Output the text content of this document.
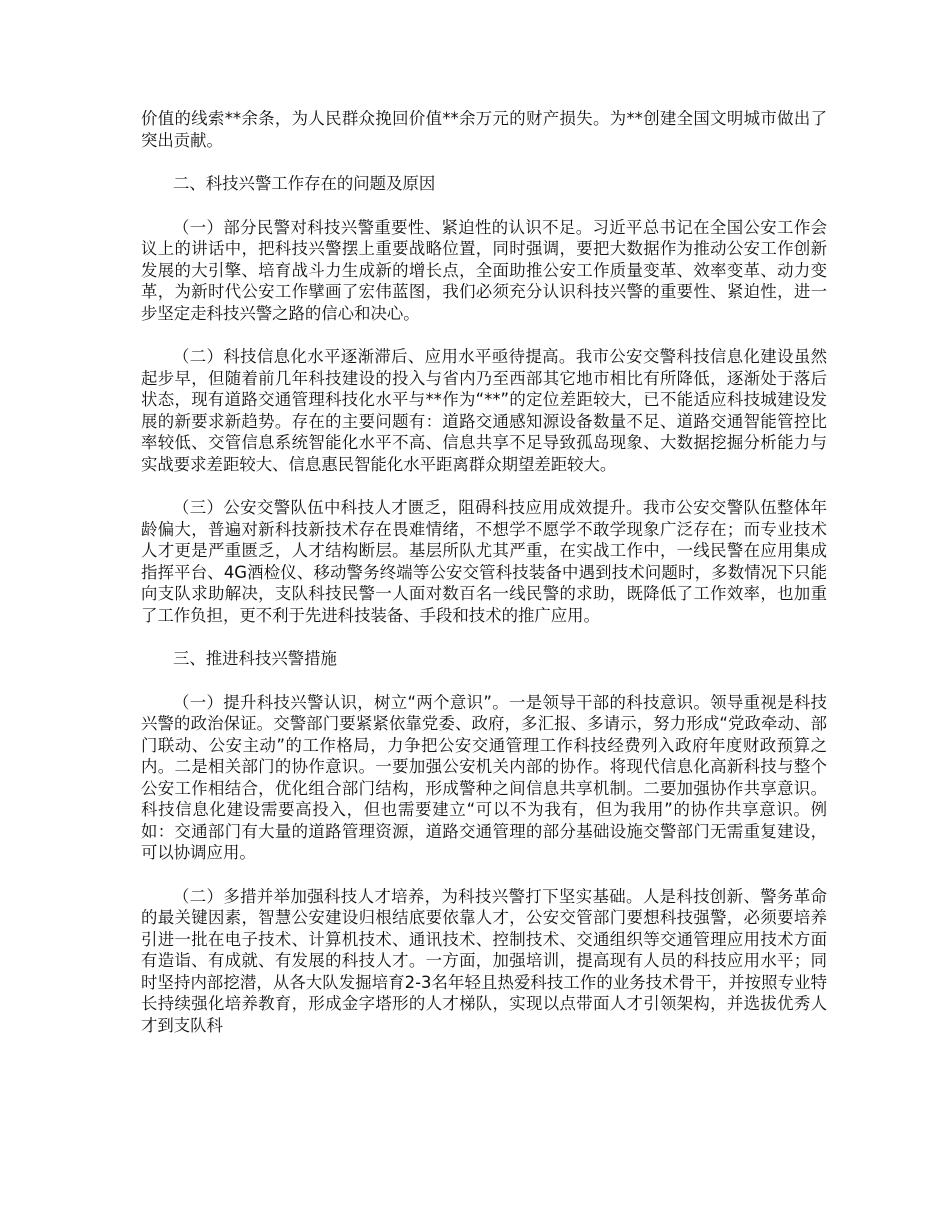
价值的线索**余条，为人民群众挽回价值**余万元的财产损失。为**创建全国文明城市做出了突出贡献。

二、科技兴警工作存在的问题及原因

（一）部分民警对科技兴警重要性、紧迫性的认识不足。习近平总书记在全国公安工作会议上的讲话中，把科技兴警摆上重要战略位置，同时强调，要把大数据作为推动公安工作创新发展的大引擎、培育战斗力生成新的增长点，全面助推公安工作质量变革、效率变革、动力变革，为新时代公安工作擘画了宏伟蓝图，我们必须充分认识科技兴警的重要性、紧迫性，进一步坚定走科技兴警之路的信心和决心。

（二）科技信息化水平逐渐滞后、应用水平亟待提高。我市公安交警科技信息化建设虽然起步早，但随着前几年科技建设的投入与省内乃至西部其它地市相比有所降低，逐渐处于落后状态，现有道路交通管理科技化水平与**作为“**”的定位差距较大，已不能适应科技城建设发展的新要求新趋势。存在的主要问题有：道路交通感知源设备数量不足、道路交通智能管控比率较低、交管信息系统智能化水平不高、信息共享不足导致孤岛现象、大数据挖掘分析能力与实战要求差距较大、信息惠民智能化水平距离群众期望差距较大。

（三）公安交警队伍中科技人才匮乏，阻碍科技应用成效提升。我市公安交警队伍整体年龄偏大，普遍对新科技新技术存在畏难情绪，不想学不愿学不敢学现象广泛存在；而专业技术人才更是严重匮乏，人才结构断层。基层所队尤其严重，在实战工作中，一线民警在应用集成指挥平台、4G酒检仪、移动警务终端等公安交管科技装备中遇到技术问题时，多数情况下只能向支队求助解决，支队科技民警一人面对数百名一线民警的求助，既降低了工作效率，也加重了工作负担，更不利于先进科技装备、手段和技术的推广应用。

三、推进科技兴警措施

（一）提升科技兴警认识，树立“两个意识”。一是领导干部的科技意识。领导重视是科技兴警的政治保证。交警部门要紧紧依靠党委、政府，多汇报、多请示，努力形成“党政牵动、部门联动、公安主动”的工作格局，力争把公安交通管理工作科技经费列入政府年度财政预算之内。二是相关部门的协作意识。一要加强公安机关内部的协作。将现代信息化高新科技与整个公安工作相结合，优化组合部门结构，形成警种之间信息共享机制。二要加强协作共享意识。科技信息化建设需要高投入，但也需要建立“可以不为我有，但为我用”的协作共享意识。例如：交通部门有大量的道路管理资源，道路交通管理的部分基础设施交警部门无需重复建设，可以协调应用。

（二）多措并举加强科技人才培养，为科技兴警打下坚实基础。人是科技创新、警务革命的最关键因素，智慧公安建设归根结底要依靠人才，公安交管部门要想科技强警，必须要培养引进一批在电子技术、计算机技术、通讯技术、控制技术、交通组织等交通管理应用技术方面有造诣、有成就、有发展的科技人才。一方面，加强培训，提高现有人员的科技应用水平；同时坚持内部挖潜，从各大队发掘培育2-3名年轻且热爱科技工作的业务技术骨干，并按照专业特长持续强化培养教育，形成金字塔形的人才梯队，实现以点带面人才引领架构，并选拔优秀人才到支队科
